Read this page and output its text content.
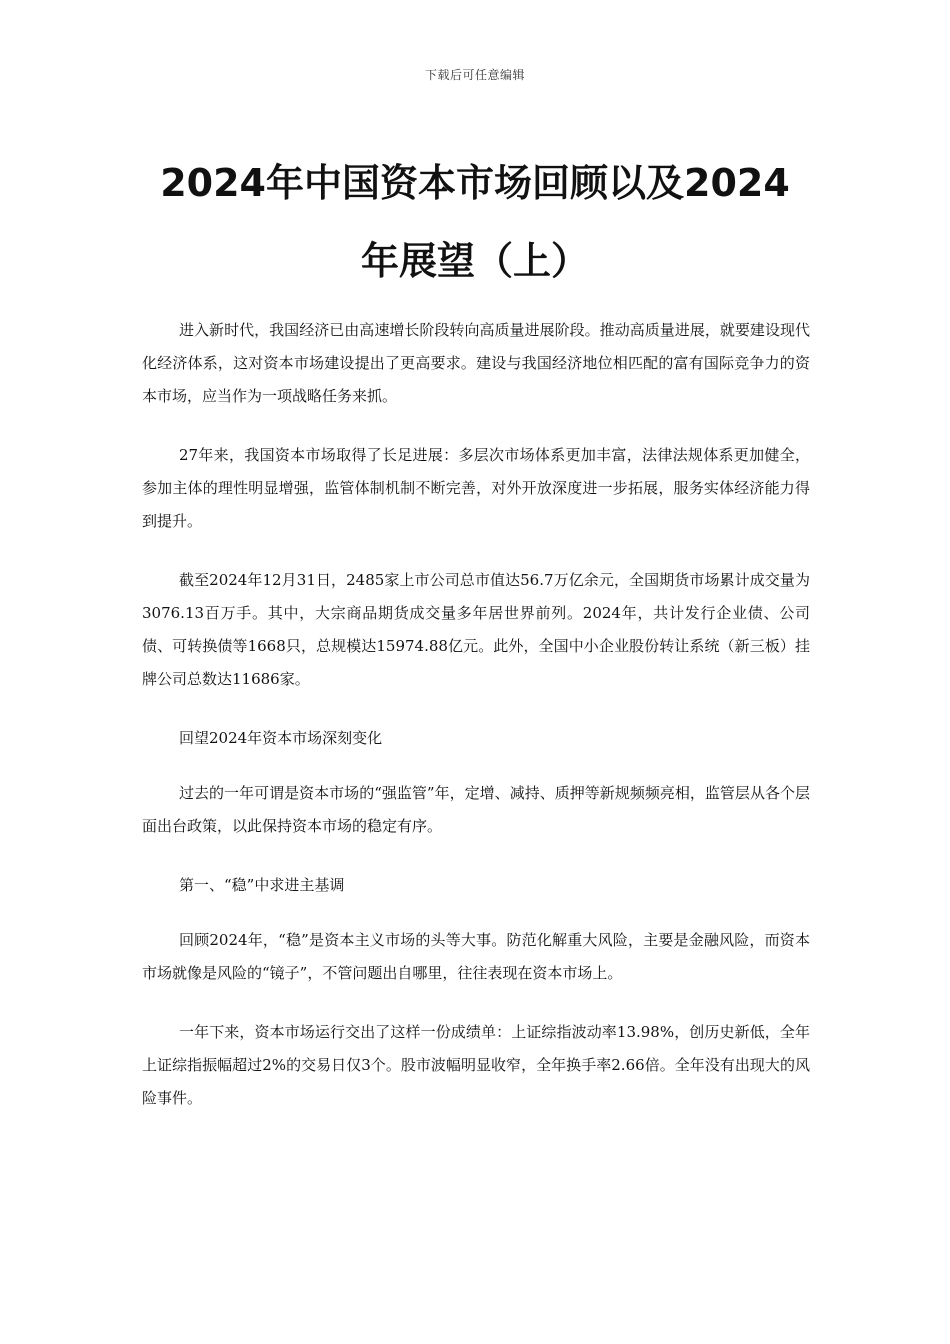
下载后可任意编辑
2024年中国资本市场回顾以及2024
年展望（上）

进入新时代，我国经济已由高速增长阶段转向高质量进展阶段。推动高质量进展，就要建设现代化经济体系，这对资本市场建设提出了更高要求。建设与我国经济地位相匹配的富有国际竞争力的资本市场，应当作为一项战略任务来抓。

27年来，我国资本市场取得了长足进展：多层次市场体系更加丰富，法律法规体系更加健全，参加主体的理性明显增强，监管体制机制不断完善，对外开放深度进一步拓展，服务实体经济能力得到提升。

截至2024年12月31日，2485家上市公司总市值达56.7万亿余元，全国期货市场累计成交量为3076.13百万手。其中，大宗商品期货成交量多年居世界前列。2024年，共计发行企业债、公司债、可转换债等1668只，总规模达15974.88亿元。此外，全国中小企业股份转让系统（新三板）挂牌公司总数达11686家。

回望2024年资本市场深刻变化

过去的一年可谓是资本市场的“强监管”年，定增、减持、质押等新规频频亮相，监管层从各个层面出台政策，以此保持资本市场的稳定有序。

第一、“稳”中求进主基调

回顾2024年，“稳”是资本主义市场的头等大事。防范化解重大风险，主要是金融风险，而资本市场就像是风险的“镜子”，不管问题出自哪里，往往表现在资本市场上。

一年下来，资本市场运行交出了这样一份成绩单：上证综指波动率13.98%，创历史新低，全年上证综指振幅超过2%的交易日仅3个。股市波幅明显收窄，全年换手率2.66倍。全年没有出现大的风险事件。
